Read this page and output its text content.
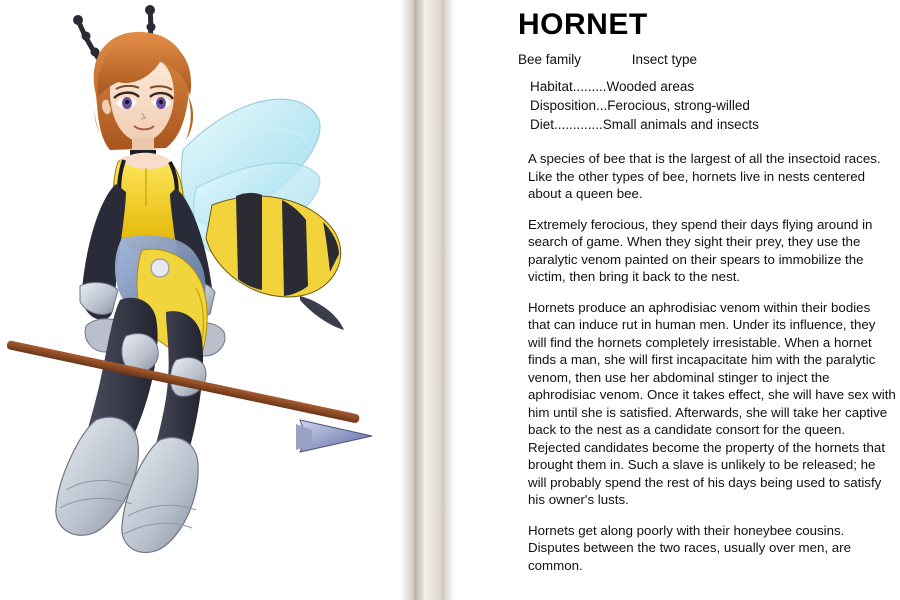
HORNET
Bee family	Insect type
Habitat.........Wooded areas
Disposition...Ferocious, strong-willed
Diet.............Small animals and insects

A species of bee that is the largest of all the insectoid races. Like the other types of bee, hornets live in nests centered about a queen bee.

Extremely ferocious, they spend their days flying around in search of game. When they sight their prey, they use the paralytic venom painted on their spears to immobilize the victim, then bring it back to the nest.

Hornets produce an aphrodisiac venom within their bodies that can induce rut in human men. Under its influence, they will find the hornets completely irresistable. When a hornet finds a man, she will first incapacitate him with the paralytic venom, then use her abdominal stinger to inject the aphrodisiac venom. Once it takes effect, she will have sex with him until she is satisfied. Afterwards, she will take her captive back to the nest as a candidate consort for the queen. Rejected candidates become the property of the hornets that brought them in. Such a slave is unlikely to be released; he will probably spend the rest of his days being used to satisfy his owner's lusts.

Hornets get along poorly with their honeybee cousins. Disputes between the two races, usually over men, are common.
